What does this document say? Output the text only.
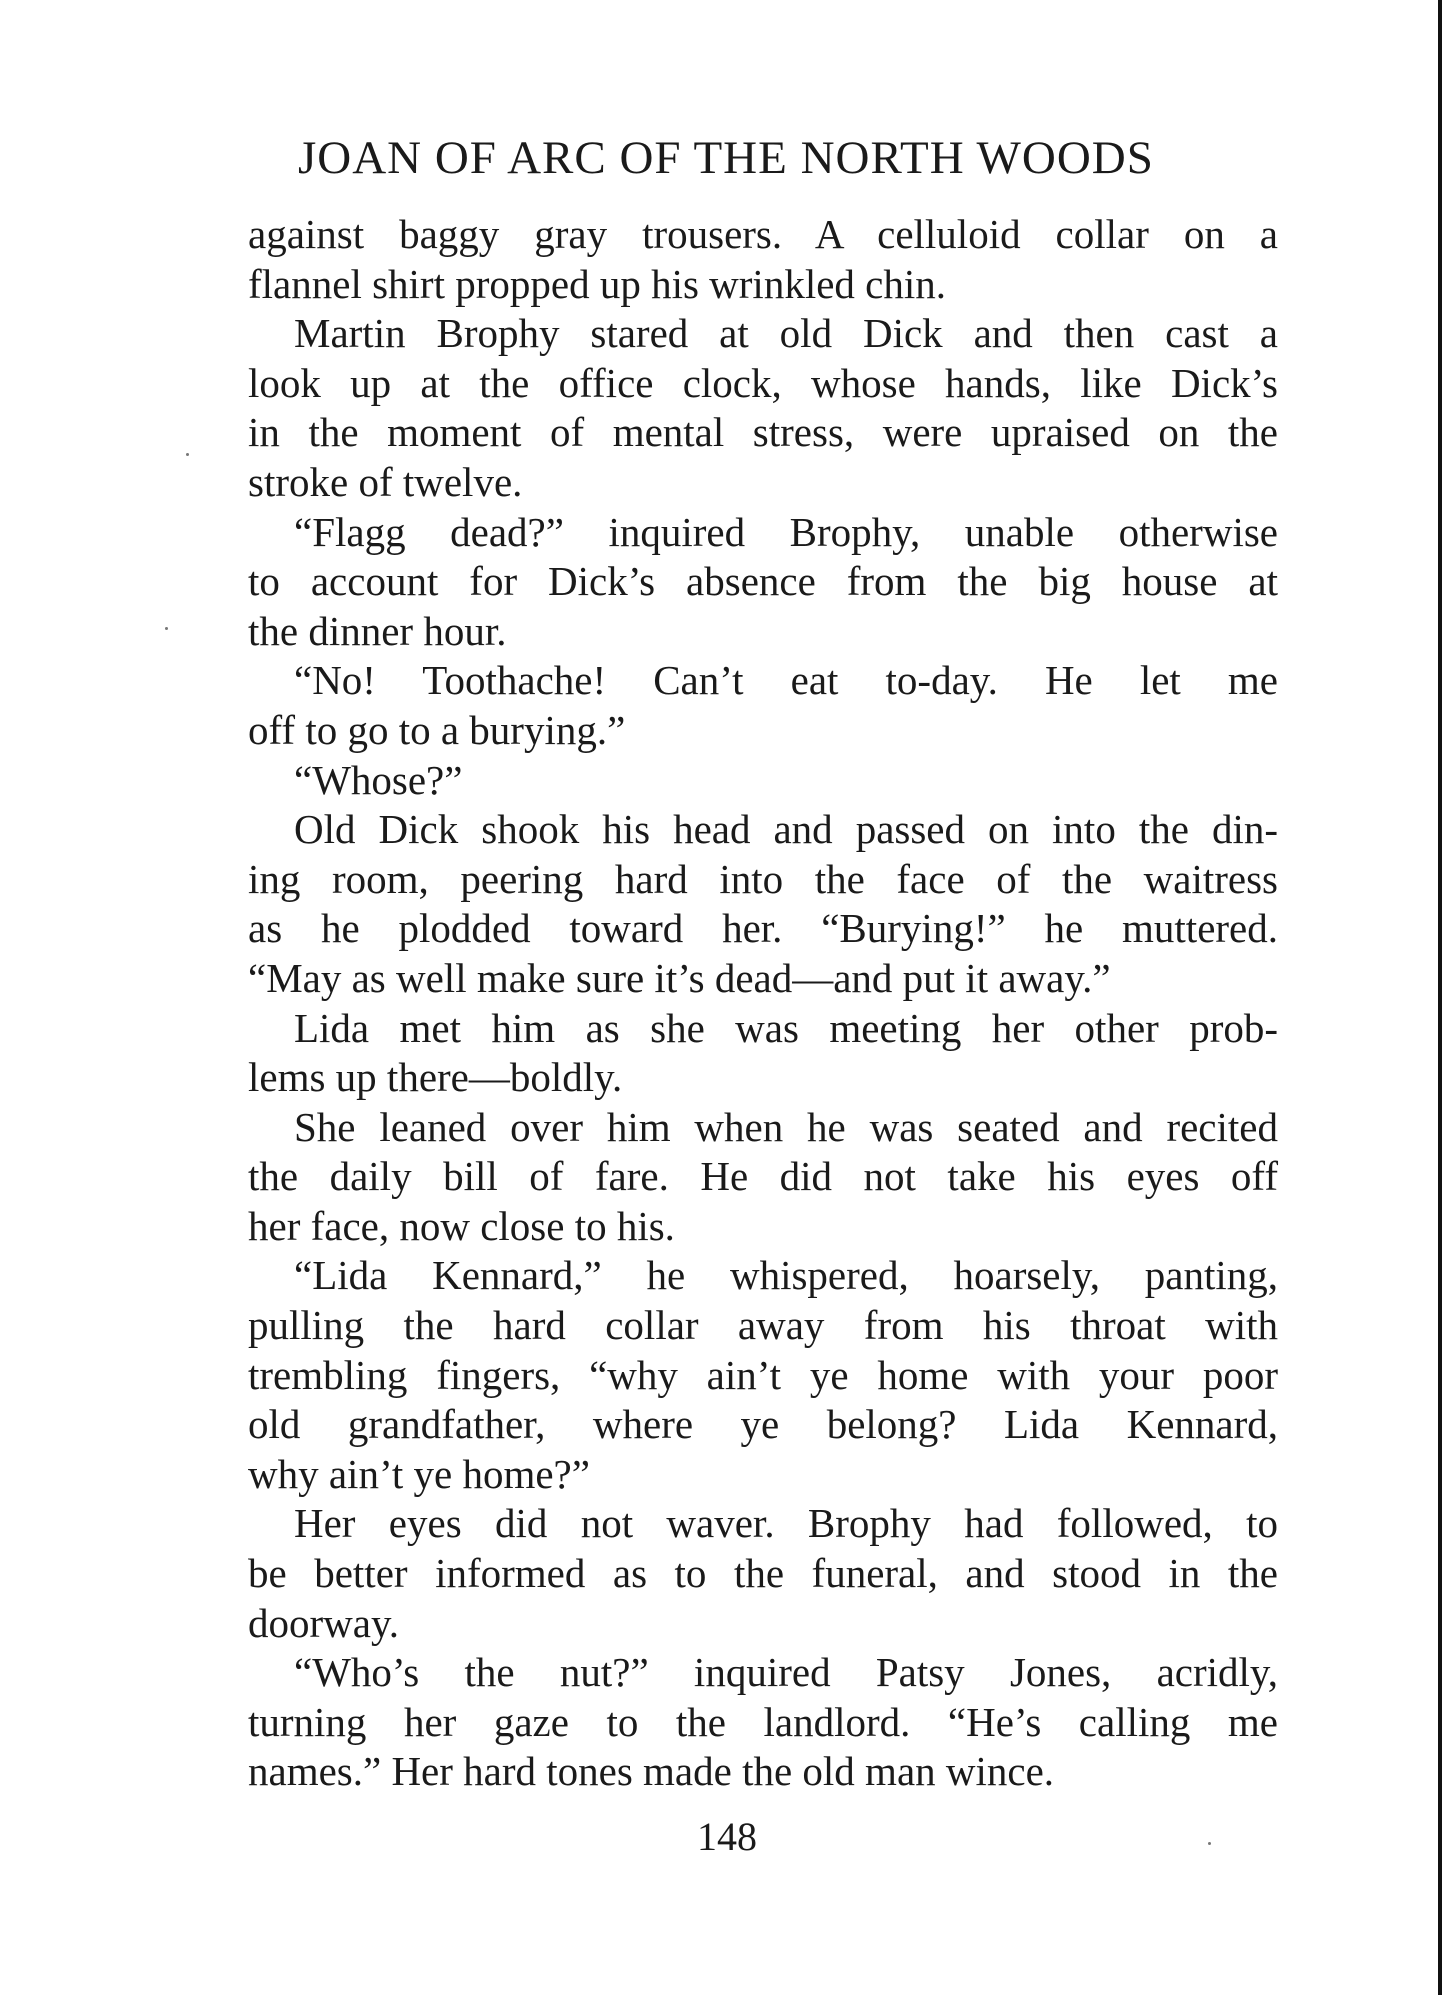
JOAN OF ARC OF THE NORTH WOODS
against baggy gray trousers. A celluloid collar on a
flannel shirt propped up his wrinkled chin.
Martin Brophy stared at old Dick and then cast a
look up at the office clock, whose hands, like Dick’s
in the moment of mental stress, were upraised on the
stroke of twelve.
“Flagg dead?” inquired Brophy, unable otherwise
to account for Dick’s absence from the big house at
the dinner hour.
“No! Toothache! Can’t eat to-day. He let me
off to go to a burying.”
“Whose?”
Old Dick shook his head and passed on into the din-
ing room, peering hard into the face of the waitress
as he plodded toward her. “Burying!” he muttered.
“May as well make sure it’s dead—and put it away.”
Lida met him as she was meeting her other prob-
lems up there—boldly.
She leaned over him when he was seated and recited
the daily bill of fare. He did not take his eyes off
her face, now close to his.
“Lida Kennard,” he whispered, hoarsely, panting,
pulling the hard collar away from his throat with
trembling fingers, “why ain’t ye home with your poor
old grandfather, where ye belong? Lida Kennard,
why ain’t ye home?”
Her eyes did not waver. Brophy had followed, to
be better informed as to the funeral, and stood in the
doorway.
“Who’s the nut?” inquired Patsy Jones, acridly,
turning her gaze to the landlord. “He’s calling me
names.” Her hard tones made the old man wince.
148
